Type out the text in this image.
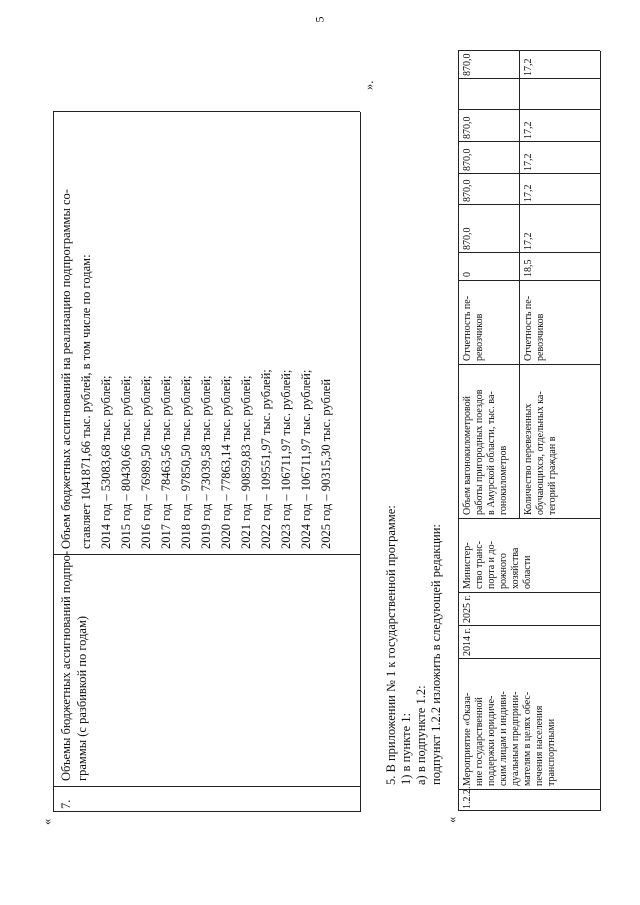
5
«
7.
Объемы бюджетных ассигнований подпро- граммы (с разбивкой по годам)
Объем бюджетных ассигнований на реализацию подпрограммы со- ставляет 1041871,66 тыс. рублей, в том числе по годам: 2014 год – 53083,68 тыс. рублей; 2015 год – 80430,66 тыс. рублей; 2016 год – 76989,50 тыс. рублей; 2017 год – 78463,56 тыс. рублей; 2018 год – 97850,50 тыс. рублей; 2019 год – 73039,58 тыс. рублей; 2020 год – 77863,14 тыс. рублей; 2021 год – 90859,83 тыс. рублей; 2022 год – 109551,97 тыс. рублей; 2023 год – 106711,97 тыс. рублей; 2024 год – 106711,97 тыс. рублей; 2025 год – 90315,30 тыс. рублей
».
5. В приложении № 1 к государственной программе: 1) в пункте 1: а) в подпункте 1.2: подпункт 1.2.2 изложить в следующей редакции:
«
1.2.2.
Мероприятие «Оказа- ние государственной поддержки юридиче- ским лицам и индиви- дуальным предприни- мателям в целях обес- печения населения транспортными
2014 г.
2025 г.
Министер- ство транс- порта и до- рожного хозяйства области
Объем вагонокилометровой работы пригородных поездов в Амурской области, тыс. ва- гонокилометров
Отчетность пе- ревозчиков
0
870,0
870,0
870,0
870,0
870,0
Количество перевезенных обучающихся, отдельных ка- тегорий граждан в
Отчетность пе- ревозчиков
18,5
17,2
17,2
17,2
17,2
17,2
